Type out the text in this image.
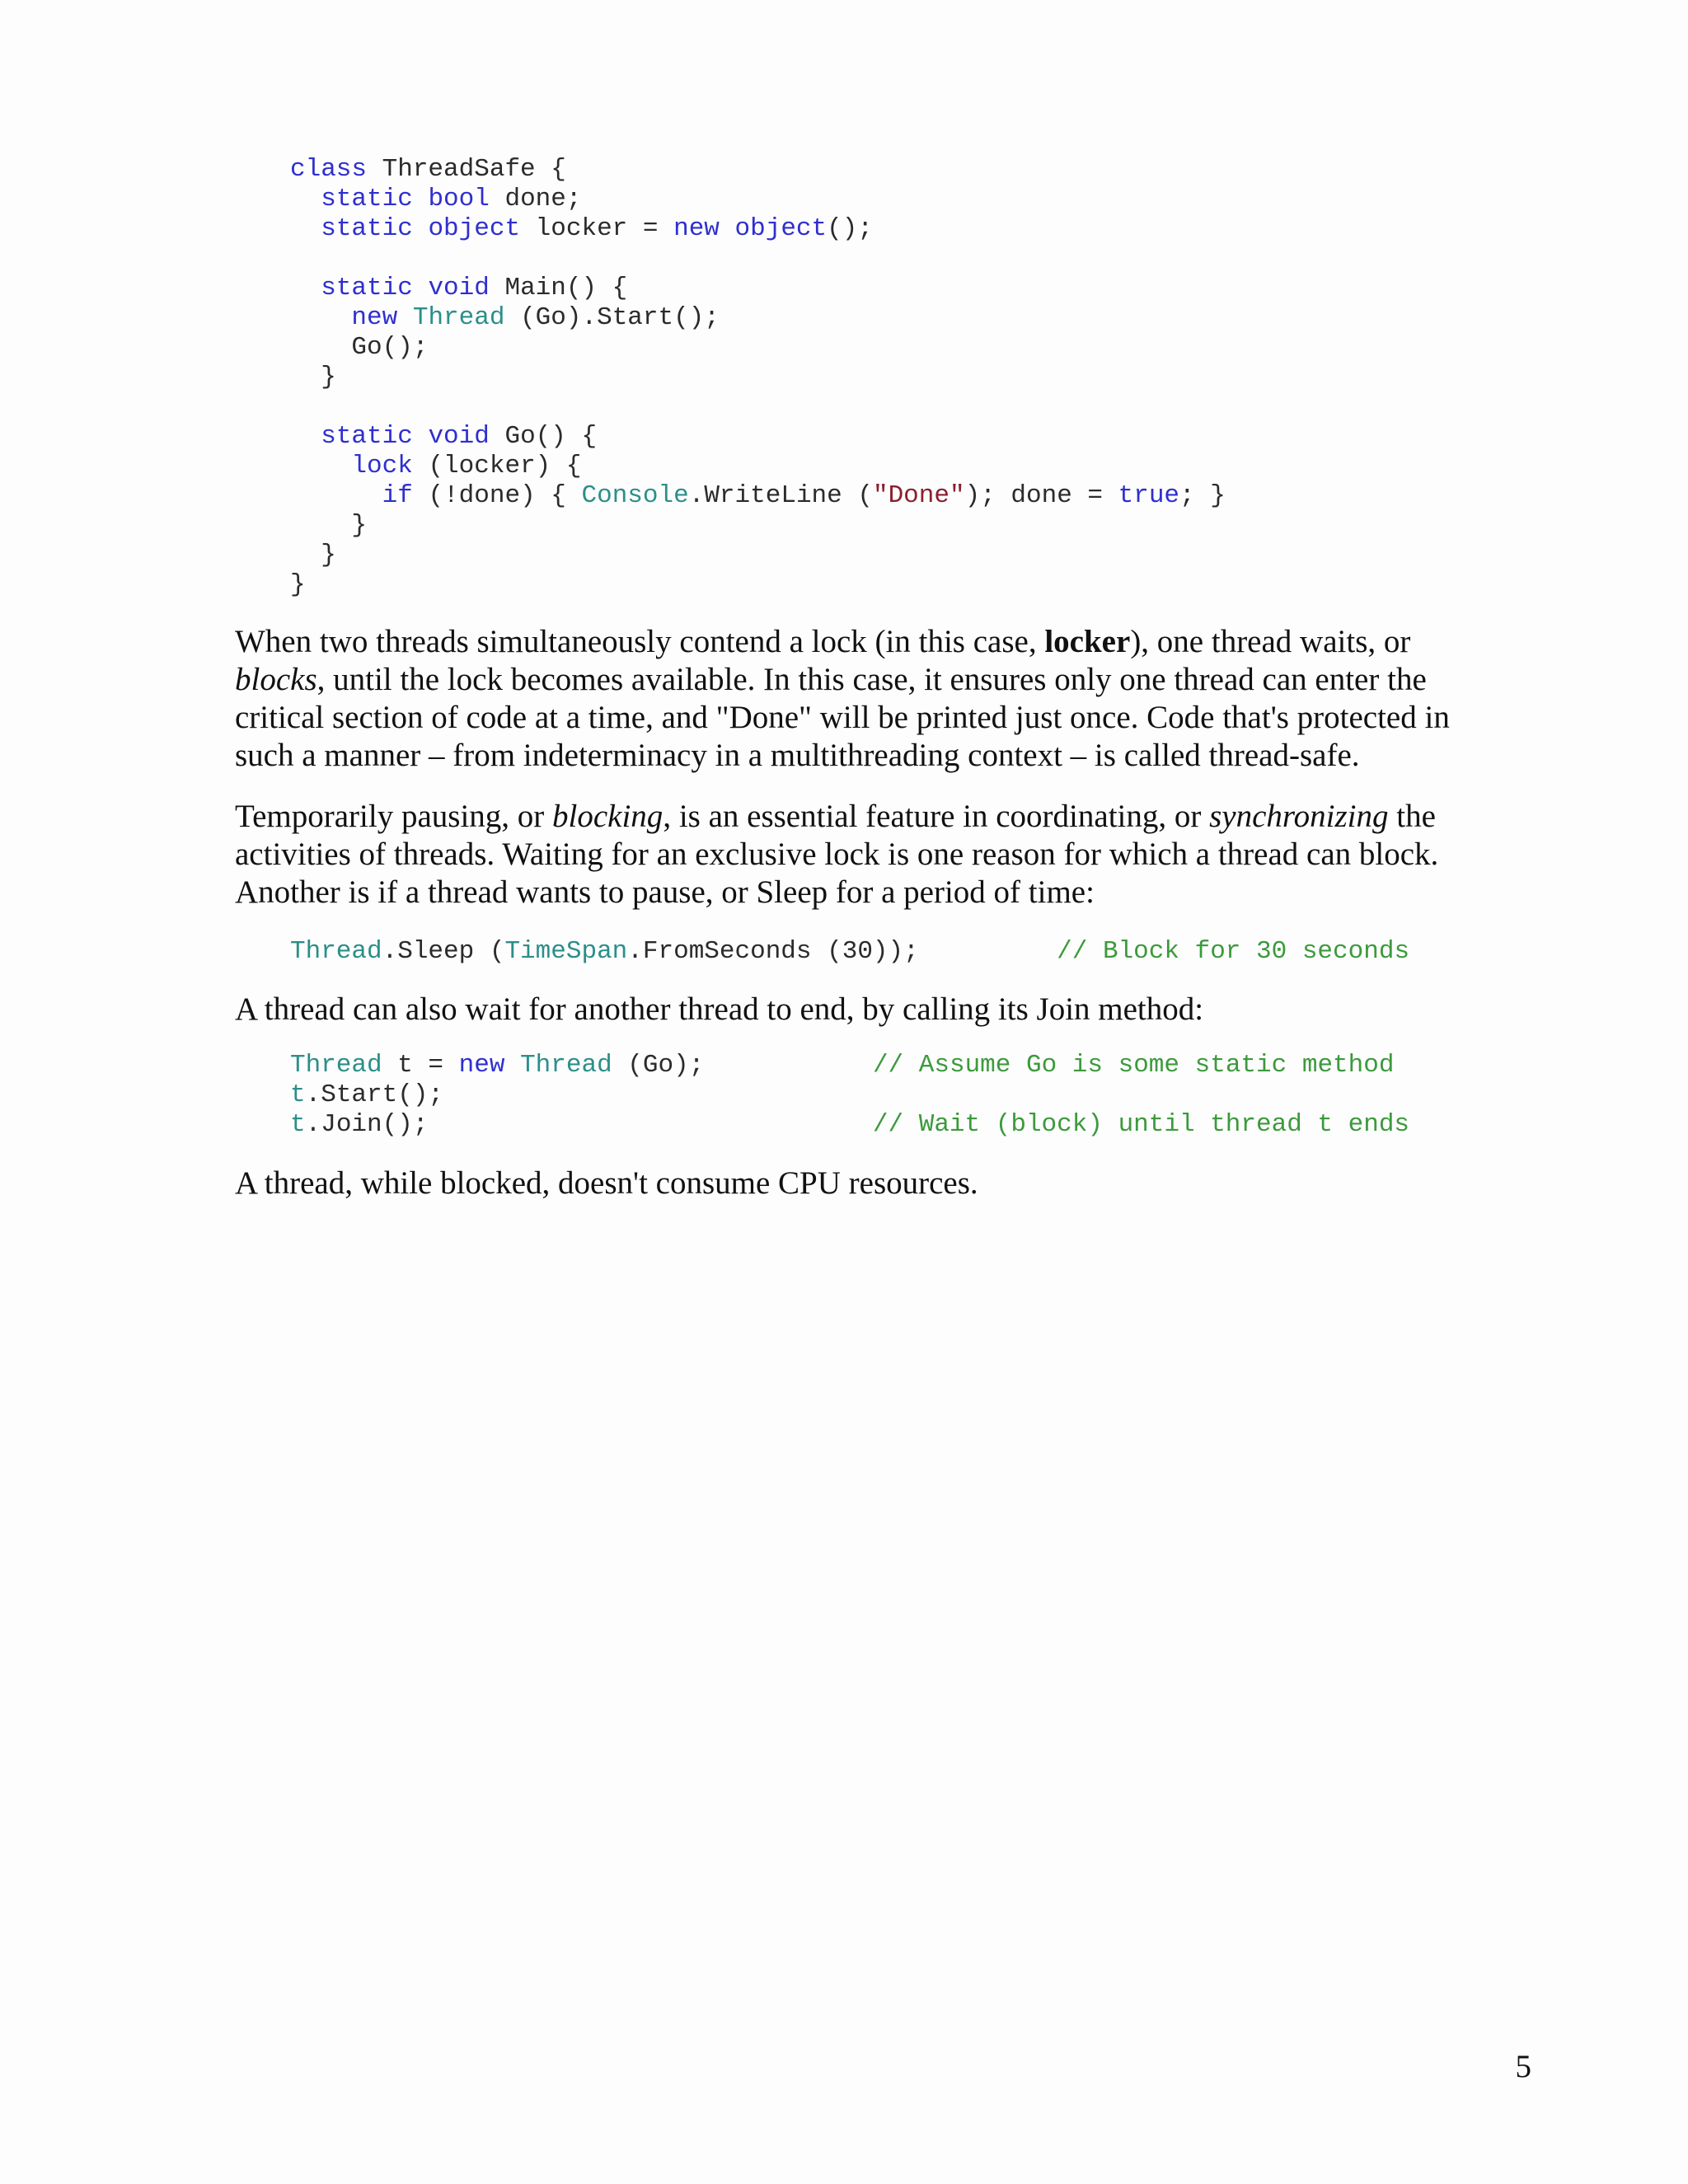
class ThreadSafe {
static bool done;
static object locker = new object();
static void Main() {
new Thread (Go).Start();
Go();
}
static void Go() {
lock (locker) {
if (!done) { Console.WriteLine ("Done"); done = true; }
}
}
}

When two threads simultaneously contend a lock (in this case, locker), one thread waits, or blocks, until the lock becomes available. In this case, it ensures only one thread can enter the critical section of code at a time, and "Done" will be printed just once. Code that's protected in such a manner – from indeterminacy in a multithreading context – is called thread-safe.

Temporarily pausing, or blocking, is an essential feature in coordinating, or synchronizing the activities of threads. Waiting for an exclusive lock is one reason for which a thread can block. Another is if a thread wants to pause, or Sleep for a period of time:

Thread.Sleep (TimeSpan.FromSeconds (30));         // Block for 30 seconds

A thread can also wait for another thread to end, by calling its Join method:

Thread t = new Thread (Go);           // Assume Go is some static method
t.Start();
t.Join();                             // Wait (block) until thread t ends

A thread, while blocked, doesn't consume CPU resources.

5
